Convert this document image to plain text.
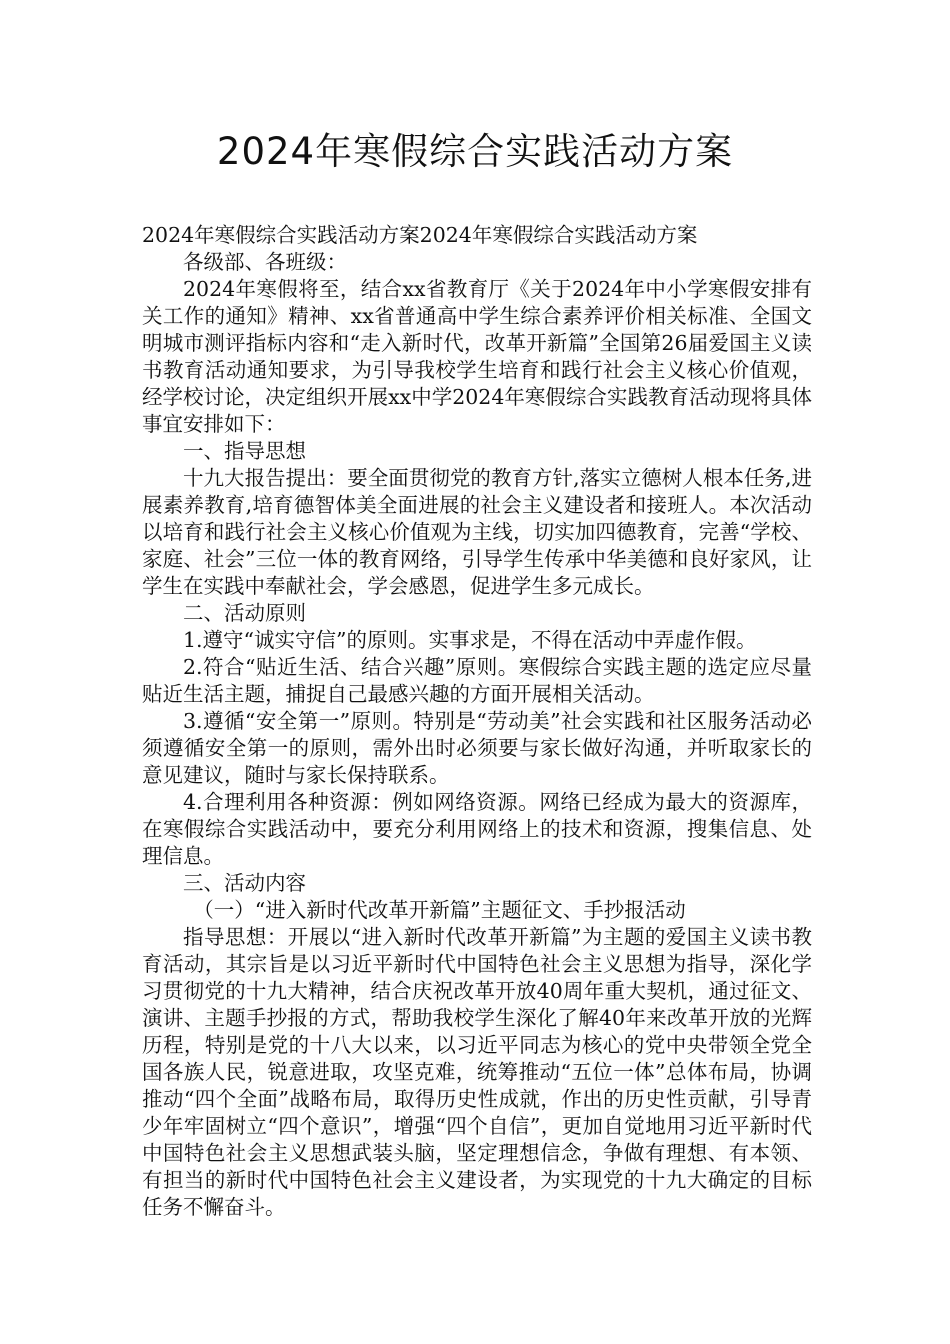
2024年寒假综合实践活动方案

2024年寒假综合实践活动方案2024年寒假综合实践活动方案

各级部、各班级：

2024年寒假将至，结合xx省教育厅《关于2024年中小学寒假安排有关工作的通知》精神、xx省普通高中学生综合素养评价相关标准、全国文明城市测评指标内容和“走入新时代，改革开新篇”全国第26届爱国主义读书教育活动通知要求，为引导我校学生培育和践行社会主义核心价值观，经学校讨论，决定组织开展xx中学2024年寒假综合实践教育活动现将具体事宜安排如下：

一、指导思想

十九大报告提出：要全面贯彻党的教育方针,落实立德树人根本任务,进展素养教育,培育德智体美全面进展的社会主义建设者和接班人。本次活动以培育和践行社会主义核心价值观为主线，切实加四德教育，完善“学校、家庭、社会”三位一体的教育网络，引导学生传承中华美德和良好家风，让学生在实践中奉献社会，学会感恩，促进学生多元成长。

二、活动原则

1.遵守“诚实守信”的原则。实事求是，不得在活动中弄虚作假。

2.符合“贴近生活、结合兴趣”原则。寒假综合实践主题的选定应尽量贴近生活主题，捕捉自己最感兴趣的方面开展相关活动。

3.遵循“安全第一”原则。特别是“劳动美”社会实践和社区服务活动必须遵循安全第一的原则，需外出时必须要与家长做好沟通，并听取家长的意见建议，随时与家长保持联系。

4.合理利用各种资源：例如网络资源。网络已经成为最大的资源库，在寒假综合实践活动中，要充分利用网络上的技术和资源，搜集信息、处理信息。

三、活动内容

（一）“进入新时代改革开新篇”主题征文、手抄报活动

指导思想：开展以“进入新时代改革开新篇”为主题的爱国主义读书教育活动，其宗旨是以习近平新时代中国特色社会主义思想为指导，深化学习贯彻党的十九大精神，结合庆祝改革开放40周年重大契机，通过征文、演讲、主题手抄报的方式，帮助我校学生深化了解40年来改革开放的光辉历程，特别是党的十八大以来，以习近平同志为核心的党中央带领全党全国各族人民，锐意进取，攻坚克难，统筹推动“五位一体”总体布局，协调推动“四个全面”战略布局，取得历史性成就，作出的历史性贡献，引导青少年牢固树立“四个意识”，增强“四个自信”，更加自觉地用习近平新时代中国特色社会主义思想武装头脑，坚定理想信念，争做有理想、有本领、有担当的新时代中国特色社会主义建设者，为实现党的十九大确定的目标任务不懈奋斗。
